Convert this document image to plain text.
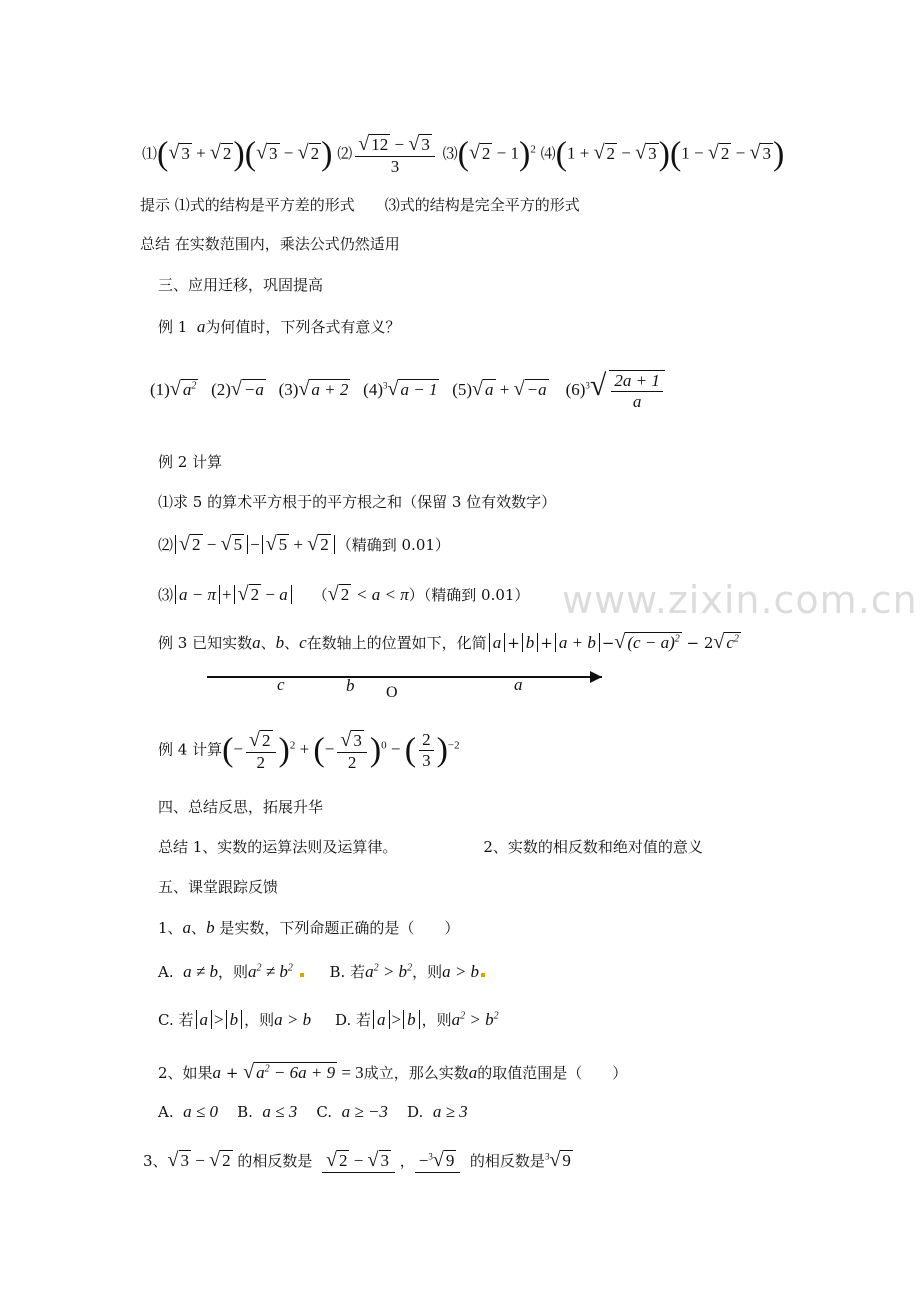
www.zixin.com.cn
⑴(√ 3 + √ 2)(√ 3 − √ 2) ⑵ $\frac{√ 12 - √ 3}{3}$ ⑶(√ 2 − 1)$^2$ ⑷(1 + √ 2 − √ 3)(1 − √ 2 − √ 3)
提示 ⑴式的结构是平方差的形式　　⑶式的结构是完全平方的形式
总结 在实数范围内，乘法公式仍然适用
三、应用迁移，巩固提高
例 1 a为何值时，下列各式有意义？
(1)√ $a^2$   (2)√ −a   (3)√ a + 2   $(4)^3√$ a − 1   (5)√ a + √ −a    $(6)^3√ \frac{2a + 1}{a}$
例 2 计算
⑴求 5 的算术平方根于的平方根之和（保留 3 位有效数字）
⑵ √ 2 − √ 5 − √ 5 + √ 2 （精确到 0.01）
⑶ a − π + √ 2 − a    （√ 2 < a < π）（精确到 0.01）
例 3 已知实数a、b、c在数轴上的位置如下，化简 a + b + a + b −√ $(c - a)^2 - 2√$ $c^2$
c	b O	a
例 4 计算(− $\frac{√ 2}{2} )^2$ + (− $\frac{√ 3}{2} )^0$ − ( $\frac{2}{3} )^{-2}$
四、总结反思，拓展升华
总结 1、实数的运算法则及运算律。	2、实数的相反数和绝对值的意义
五、课堂跟踪反馈
1、a、b 是实数，下列命题正确的是（　　）
A. a ≠ b，则$a^2 \ne b^2$ B. 若$a^2 > b^2$，则a > b
C. 若 a > b ，则a > b D. 若 a > b ，则$a^2 > b^2$
2、如果a + √ $a^2 - 6a + 9 = 3$成立，那么实数a的取值范围是（　　）
A. a ≤ 0 B. a ≤ 3 C. a ≥ −3 D. a ≥ 3
3、√ 3 − √ 2 的相反数是 √ 2 − √ 3 ， −$^3$√ 9 的相反数是$^3$√ 9
